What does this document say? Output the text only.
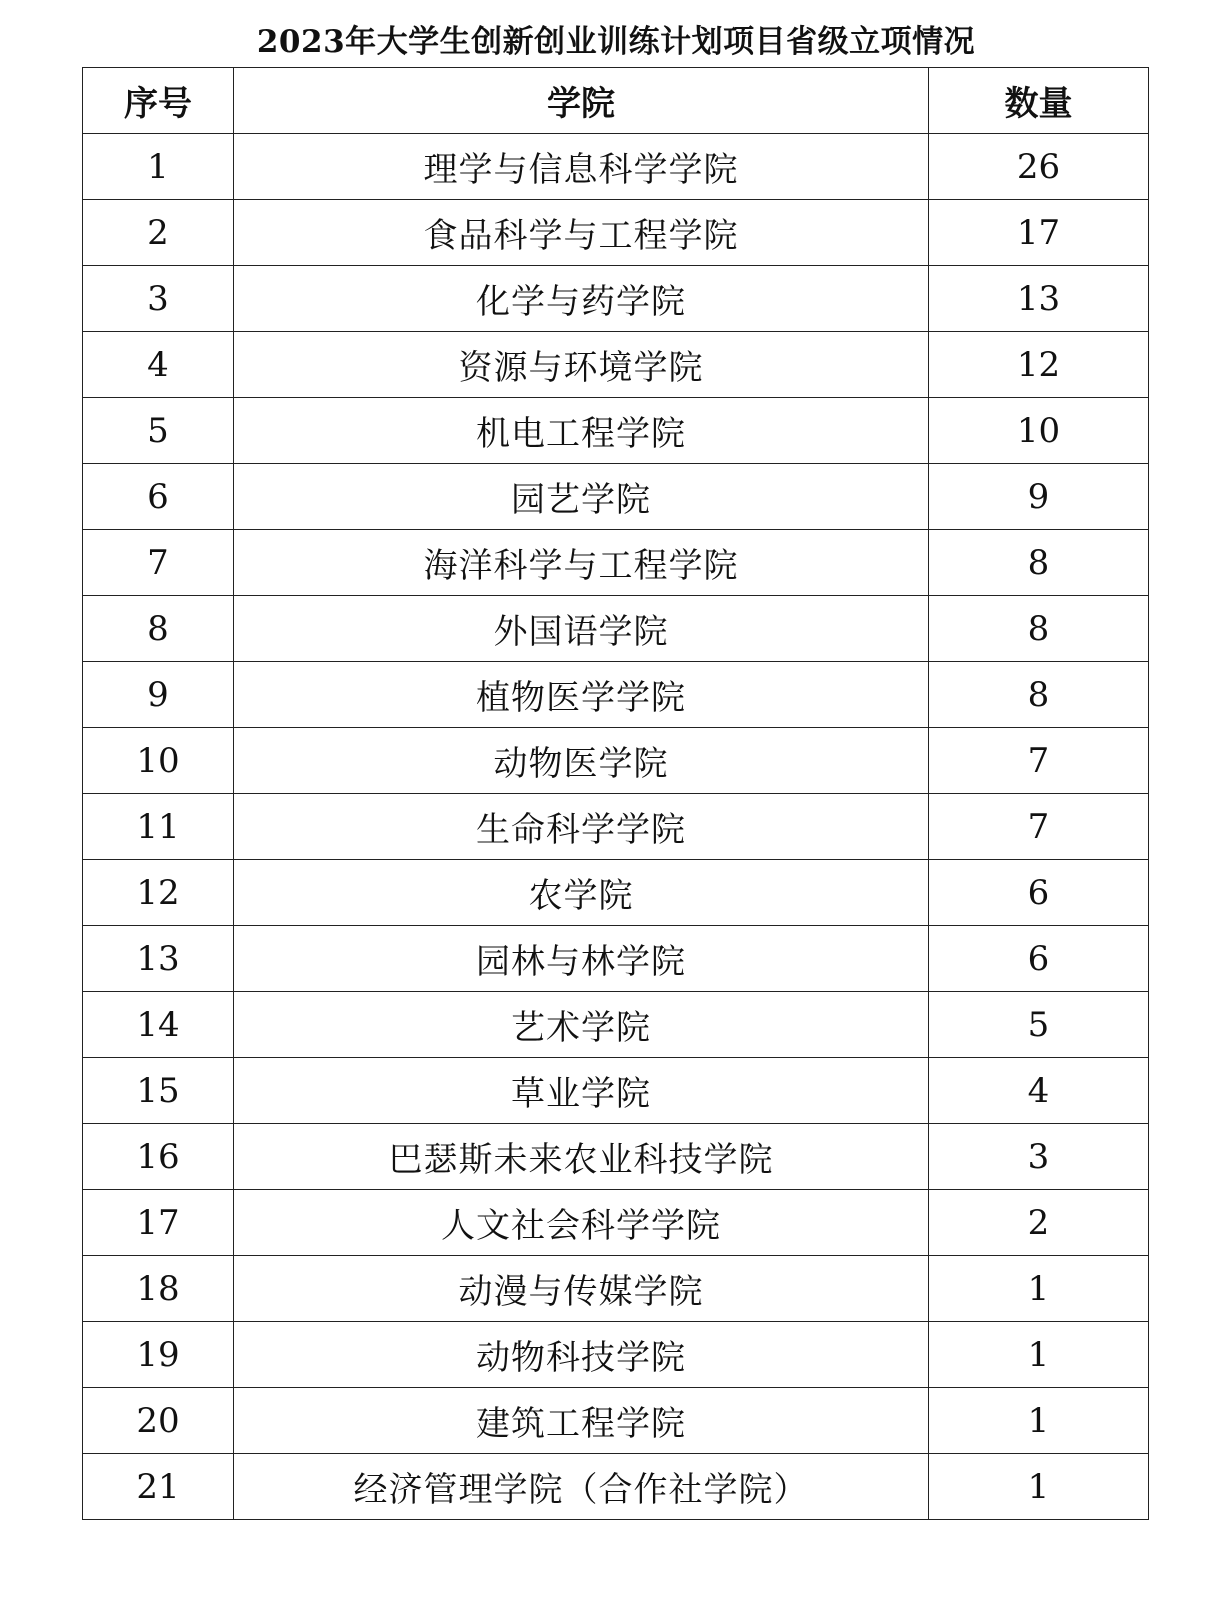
2023年大学生创新创业训练计划项目省级立项情况
序号	学院	数量
1	理学与信息科学学院	26
2	食品科学与工程学院	17
3	化学与药学院	13
4	资源与环境学院	12
5	机电工程学院	10
6	园艺学院	9
7	海洋科学与工程学院	8
8	外国语学院	8
9	植物医学学院	8
10	动物医学院	7
11	生命科学学院	7
12	农学院	6
13	园林与林学院	6
14	艺术学院	5
15	草业学院	4
16	巴瑟斯未来农业科技学院	3
17	人文社会科学学院	2
18	动漫与传媒学院	1
19	动物科技学院	1
20	建筑工程学院	1
21	经济管理学院（合作社学院）	1
